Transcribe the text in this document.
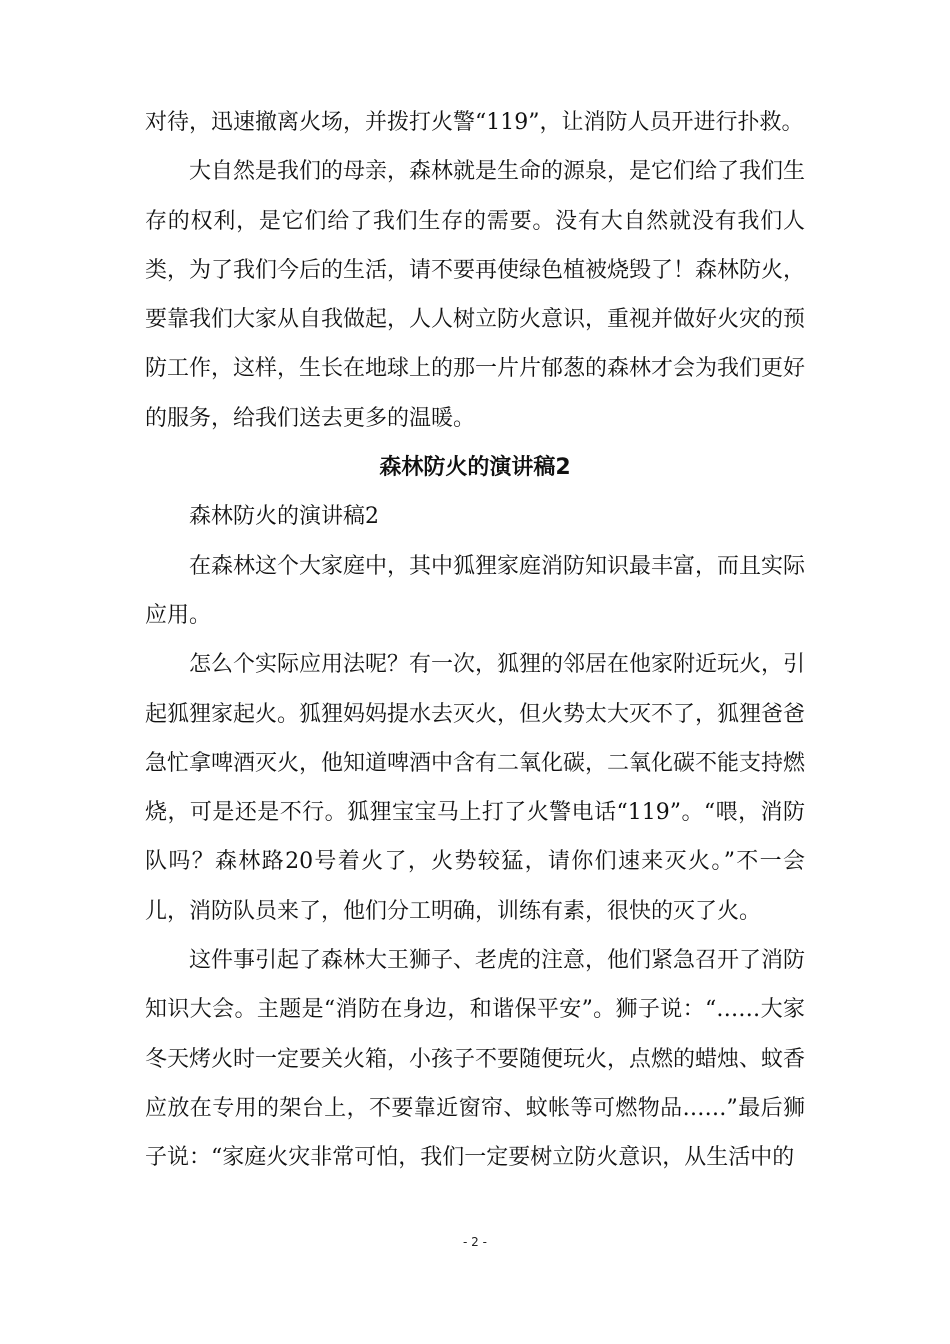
对待，迅速撤离火场，并拨打火警“119”，让消防人员开进行扑救。

大自然是我们的母亲，森林就是生命的源泉，是它们给了我们生存的权利，是它们给了我们生存的需要。没有大自然就没有我们人类，为了我们今后的生活，请不要再使绿色植被烧毁了！森林防火，要靠我们大家从自我做起，人人树立防火意识，重视并做好火灾的预防工作，这样，生长在地球上的那一片片郁葱的森林才会为我们更好的服务，给我们送去更多的温暖。

森林防火的演讲稿2

森林防火的演讲稿2

在森林这个大家庭中，其中狐狸家庭消防知识最丰富，而且实际应用。

怎么个实际应用法呢？有一次，狐狸的邻居在他家附近玩火，引起狐狸家起火。狐狸妈妈提水去灭火，但火势太大灭不了，狐狸爸爸急忙拿啤酒灭火，他知道啤酒中含有二氧化碳，二氧化碳不能支持燃烧，可是还是不行。狐狸宝宝马上打了火警电话“119”。“喂，消防队吗？森林路20号着火了，火势较猛，请你们速来灭火。”不一会儿，消防队员来了，他们分工明确，训练有素，很快的灭了火。

这件事引起了森林大王狮子、老虎的注意，他们紧急召开了消防知识大会。主题是“消防在身边，和谐保平安”。狮子说：“……大家冬天烤火时一定要关火箱，小孩子不要随便玩火，点燃的蜡烛、蚊香应放在专用的架台上，不要靠近窗帘、蚊帐等可燃物品……”最后狮子说：“家庭火灾非常可怕，我们一定要树立防火意识，从生活中的

- 2 -
